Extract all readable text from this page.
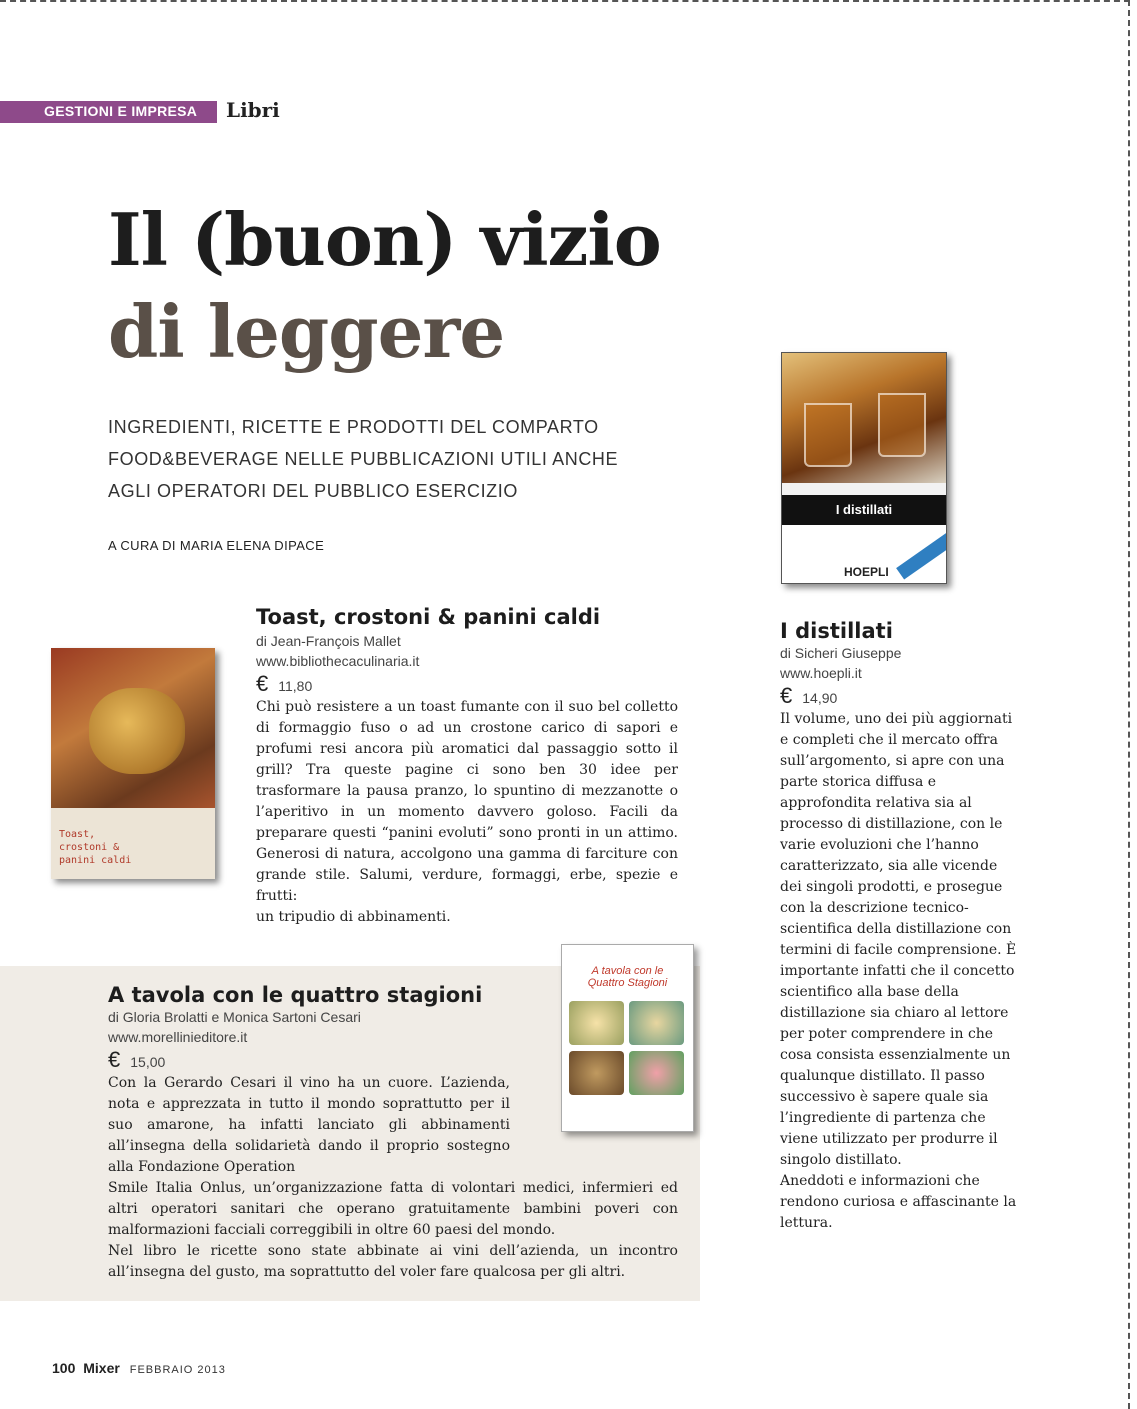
GESTIONI E IMPRESA Libri
Il (buon) vizio
di leggere
INGREDIENTI, RICETTE E PRODOTTI DEL COMPARTO
FOOD&BEVERAGE NELLE PUBBLICAZIONI UTILI ANCHE
AGLI OPERATORI DEL PUBBLICO ESERCIZIO
A CURA DI MARIA ELENA DIPACE
Toast, crostoni & panini caldi
Toast, crostoni & panini caldi
di Jean-François Mallet
www.bibliothecaculinaria.it
€ 11,80
Chi può resistere a un toast fumante con il suo bel colletto di formaggio fuso o ad un crostone carico di sapori e profumi resi ancora più aromatici dal passaggio sotto il grill? Tra queste pagine ci sono ben 30 idee per trasformare la pausa pranzo, lo spuntino di mezzanotte o l’aperitivo in un momento davvero goloso. Facili da preparare questi “panini evoluti” sono pronti in un attimo. Generosi di natura, accolgono una gamma di farciture con grande stile. Salumi, verdure, formaggi, erbe, spezie e frutti:
un tripudio di abbinamenti.
A tavola con le
Quattro Stagioni
A tavola con le quattro stagioni
di Gloria Brolatti e Monica Sartoni Cesari
www.morellinieditore.it
€ 15,00
Con la Gerardo Cesari il vino ha un cuore. L’azienda, nota e apprezzata in tutto il mondo soprattutto per il suo amarone, ha infatti lanciato gli abbinamenti all’insegna della solidarietà dando il proprio sostegno alla Fondazione Operation
Smile Italia Onlus, un’organizzazione fatta di volontari medici, infermieri ed altri operatori sanitari che operano gratuitamente bambini poveri con malformazioni facciali correggibili in oltre 60 paesi del mondo.
Nel libro le ricette sono state abbinate ai vini dell’azienda, un incontro all’insegna del gusto, ma soprattutto del voler fare qualcosa per gli altri.
I distillati
HOEPLI
I distillati
di Sicheri Giuseppe
www.hoepli.it
€ 14,90
Il volume, uno dei più aggiornati e completi che il mercato offra sull’argomento, si apre con una parte storica diffusa e approfondita relativa sia al processo di distillazione, con le varie evoluzioni che l’hanno caratterizzato, sia alle vicende dei singoli prodotti, e prosegue con la descrizione tecnico-scientifica della distillazione con termini di facile comprensione. È importante infatti che il concetto scientifico alla base della distillazione sia chiaro al lettore per poter comprendere in che cosa consista essenzialmente un qualunque distillato. Il passo successivo è sapere quale sia l’ingrediente di partenza che viene utilizzato per produrre il singolo distillato.
Aneddoti e informazioni che rendono curiosa e affascinante la lettura.
100 Mixer FEBBRAIO 2013
